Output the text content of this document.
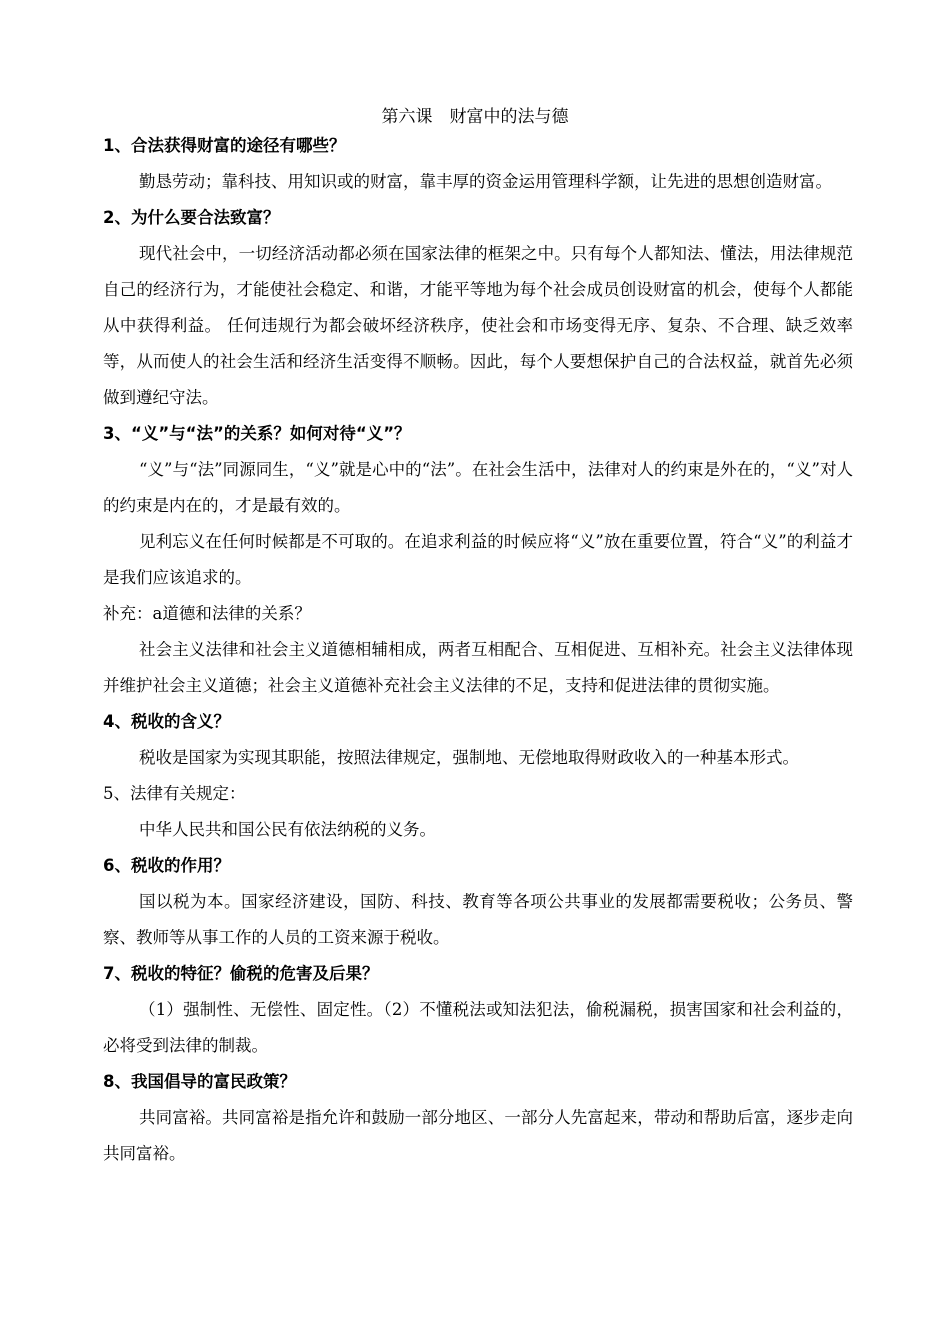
第六课　财富中的法与德
1、合法获得财富的途径有哪些？
勤恳劳动；靠科技、用知识或的财富，靠丰厚的资金运用管理科学额，让先进的思想创造财富。
2、为什么要合法致富？
现代社会中，一切经济活动都必须在国家法律的框架之中。只有每个人都知法、懂法，用法律规范自己的经济行为，才能使社会稳定、和谐，才能平等地为每个社会成员创设财富的机会，使每个人都能从中获得利益。 任何违规行为都会破坏经济秩序，使社会和市场变得无序、复杂、不合理、缺乏效率等，从而使人的社会生活和经济生活变得不顺畅。因此，每个人要想保护自己的合法权益，就首先必须做到遵纪守法。
3、“义”与“法”的关系？如何对待“义”？
“义”与“法”同源同生，“义”就是心中的“法”。在社会生活中，法律对人的约束是外在的，“义”对人的约束是内在的，才是最有效的。
见利忘义在任何时候都是不可取的。在追求利益的时候应将“义”放在重要位置，符合“义”的利益才是我们应该追求的。
补充：a道德和法律的关系？
社会主义法律和社会主义道德相辅相成，两者互相配合、互相促进、互相补充。社会主义法律体现并维护社会主义道德；社会主义道德补充社会主义法律的不足，支持和促进法律的贯彻实施。
4、税收的含义？
税收是国家为实现其职能，按照法律规定，强制地、无偿地取得财政收入的一种基本形式。
5、法律有关规定：
中华人民共和国公民有依法纳税的义务。
6、税收的作用？
国以税为本。国家经济建设，国防、科技、教育等各项公共事业的发展都需要税收；公务员、警察、教师等从事工作的人员的工资来源于税收。
7、税收的特征？偷税的危害及后果？
（1）强制性、无偿性、固定性。（2）不懂税法或知法犯法，偷税漏税，损害国家和社会利益的，必将受到法律的制裁。
8、我国倡导的富民政策？
共同富裕。共同富裕是指允许和鼓励一部分地区、一部分人先富起来，带动和帮助后富，逐步走向共同富裕。
